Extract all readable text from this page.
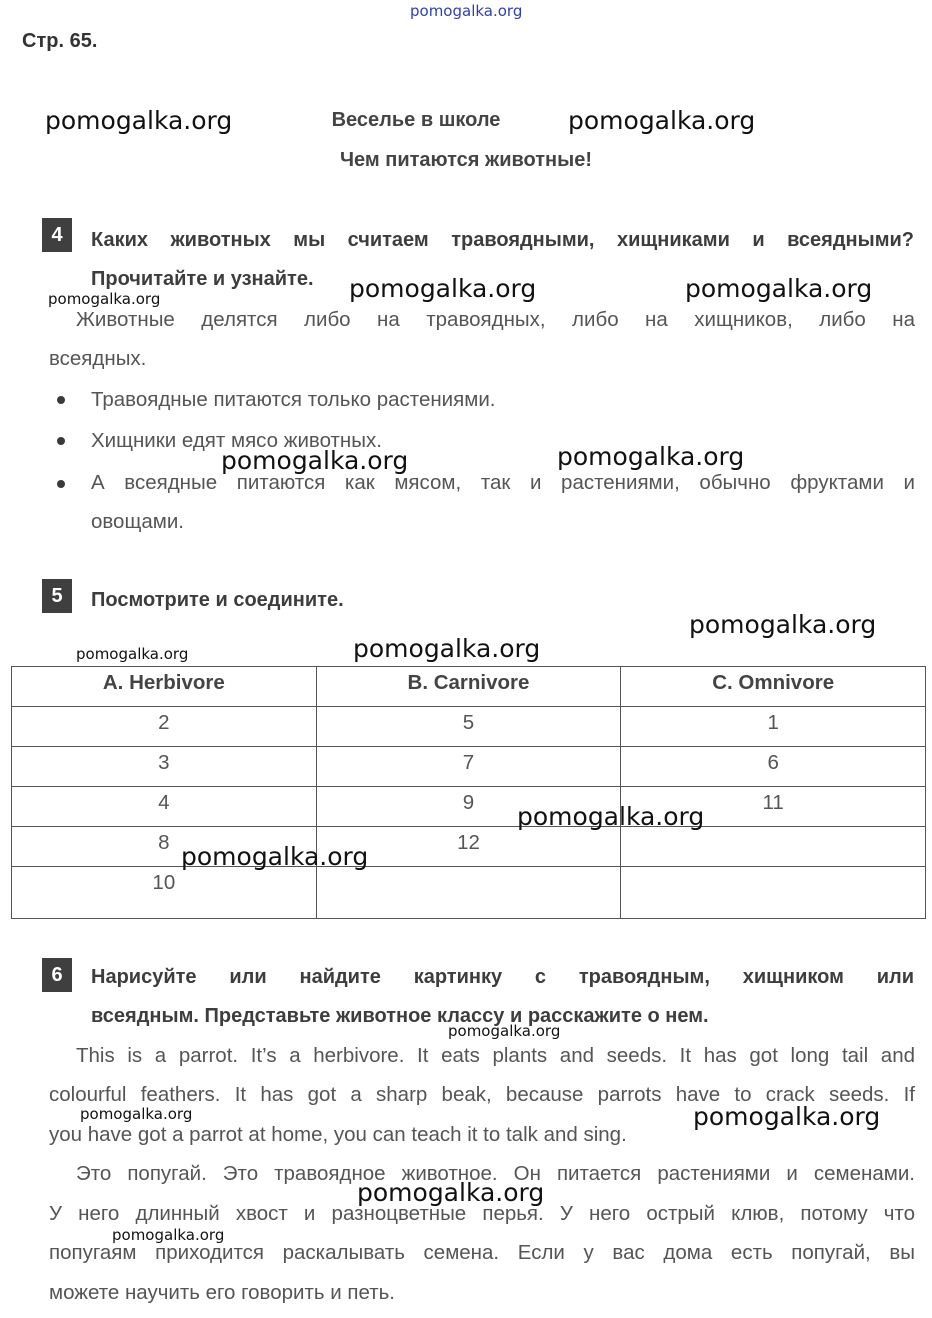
pomogalka.org
Стр. 65.
Веселье в школе
Чем питаются животные!
4	Каких животных мы считаем травоядными, хищниками и всеядными?
Прочитайте и узнайте.
Животные делятся либо на травоядных, либо на хищников, либо на
всеядных.
Травоядные питаются только растениями.
Хищники едят мясо животных.
А всеядные питаются как мясом, так и растениями, обычно фруктами и
овощами.
5	Посмотрите и соедините.
A. Herbivore	B. Carnivore	C. Omnivore
2	5	1
3	7	6
4	9	11
8	12	
10		
6	Нарисуйте или найдите картинку с травоядным, хищником или
всеядным. Представьте животное классу и расскажите о нем.
This is a parrot. It’s a herbivore. It eats plants and seeds. It has got long tail and
colourful feathers. It has got a sharp beak, because parrots have to crack seeds. If
you have got a parrot at home, you can teach it to talk and sing.
Это попугай. Это травоядное животное. Он питается растениями и семенами.
У него длинный хвост и разноцветные перья. У него острый клюв, потому что
попугаям приходится раскалывать семена. Если у вас дома есть попугай, вы
можете научить его говорить и петь.
pomogalka.org	pomogalka.org
pomogalka.org	pomogalka.org	pomogalka.org
pomogalka.org	pomogalka.org
pomogalka.org
pomogalka.org	pomogalka.org
pomogalka.org
pomogalka.org
pomogalka.org
pomogalka.org	pomogalka.org
pomogalka.org
pomogalka.org
